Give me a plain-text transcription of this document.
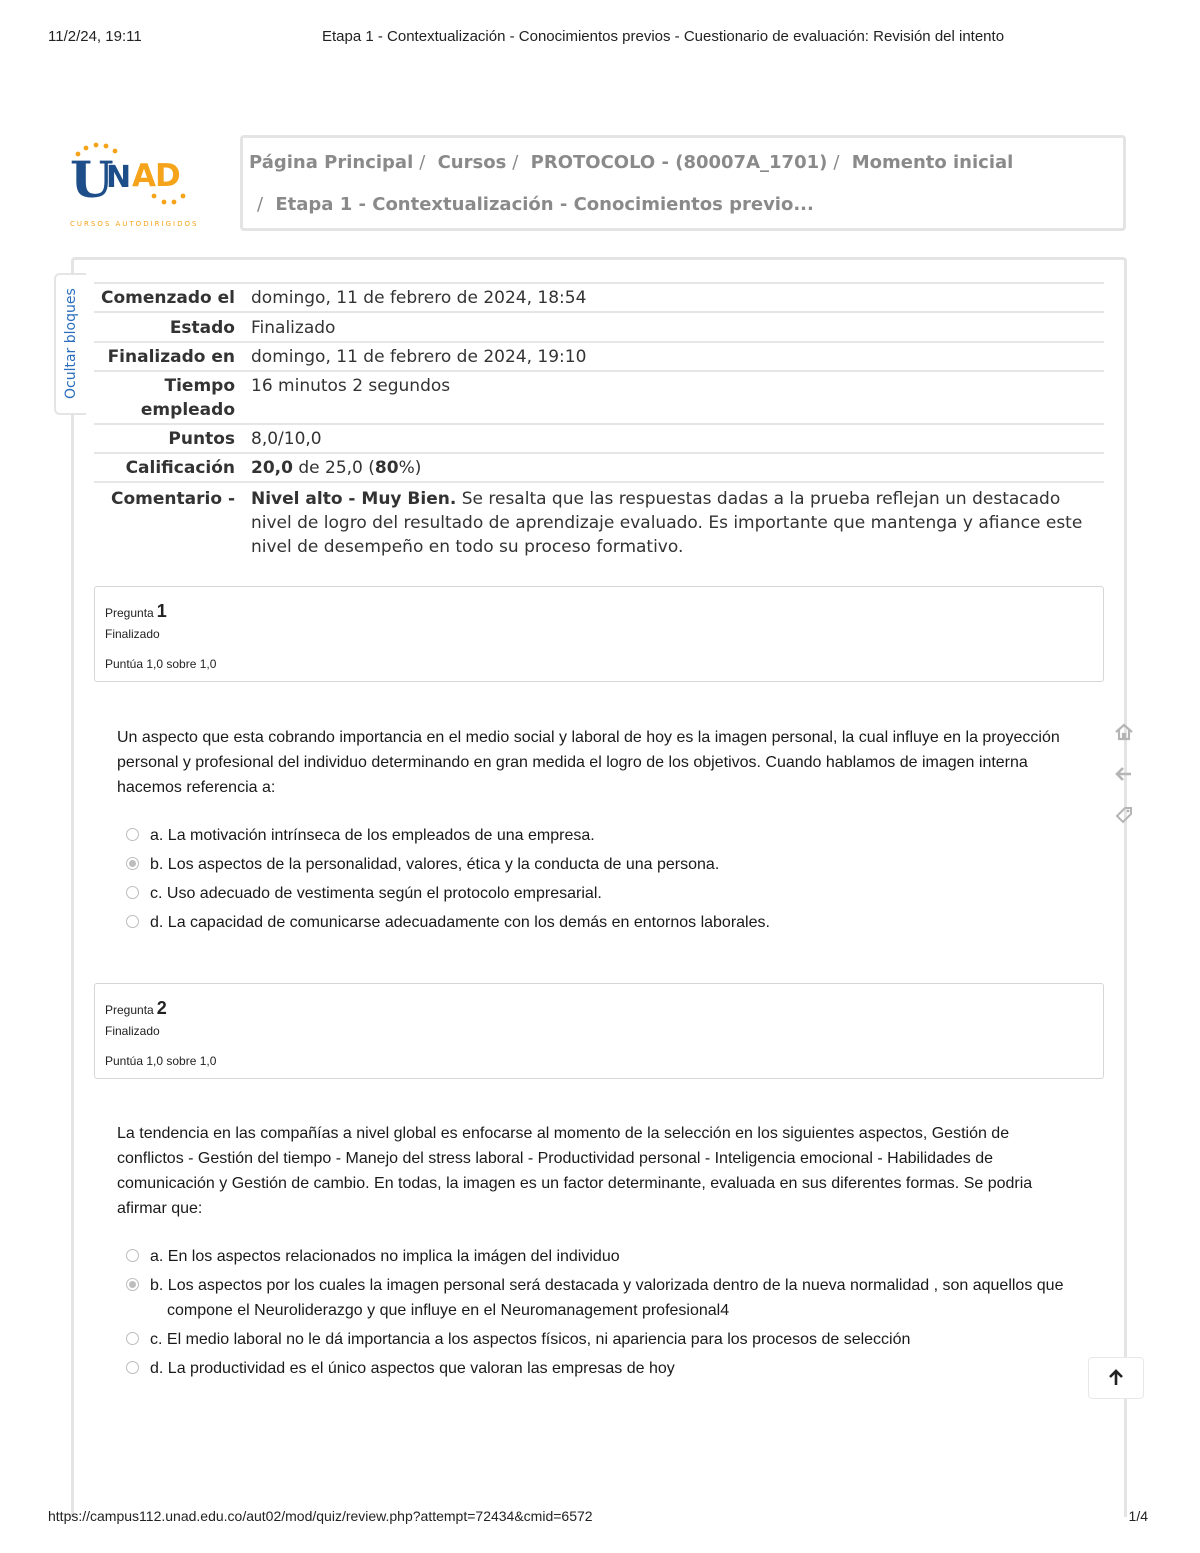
11/2/24, 19:11	Etapa 1 - Contextualización - Conocimientos previos - Cuestionario de evaluación: Revisión del intento
U
N AD
CURSOS AUTODIRIGIDOS
Página Principal / Cursos / PROTOCOLO - (80007A_1701) / Momento inicial
/ Etapa 1 - Contextualización - Conocimientos previo...
Ocultar bloques	Comenzado el domingo, 11 de febrero de 2024, 18:54
Estado Finalizado
Finalizado en domingo, 11 de febrero de 2024, 19:10
Tiempo empleado
16 minutos 2 segundos
Puntos 8,0/10,0
Calificación 20,0 de 25,0 (80%)
Comentario - Nivel alto - Muy Bien. Se resalta que las respuestas dadas a la prueba reflejan un destacado nivel de logro del resultado de aprendizaje evaluado. Es importante que mantenga y afiance este nivel de desempeño en todo su proceso formativo.
Pregunta 1
Finalizado
Puntúa 1,0 sobre 1,0
Un aspecto que esta cobrando importancia en el medio social y laboral de hoy es la imagen personal, la cual influye en la proyección personal y profesional del individuo determinando en gran medida el logro de los objetivos. Cuando hablamos de imagen interna hacemos referencia a:
a. La motivación intrínseca de los empleados de una empresa.
b. Los aspectos de la personalidad, valores, ética y la conducta de una persona.
c. Uso adecuado de vestimenta según el protocolo empresarial.
d. La capacidad de comunicarse adecuadamente con los demás en entornos laborales.
Pregunta 2
Finalizado
Puntúa 1,0 sobre 1,0
La tendencia en las compañías a nivel global es enfocarse al momento de la selección en los siguientes aspectos, Gestión de conflictos - Gestión del tiempo - Manejo del stress laboral - Productividad personal - Inteligencia emocional - Habilidades de comunicación y Gestión de cambio. En todas, la imagen es un factor determinante, evaluada en sus diferentes formas. Se podria afirmar que:
a. En los aspectos relacionados no implica la imágen del individuo
b. Los aspectos por los cuales la imagen personal será destacada y valorizada dentro de la nueva normalidad , son aquellos que compone el Neuroliderazgo y que influye en el Neuromanagement profesional4
c. El medio laboral no le dá importancia a los aspectos físicos, ni apariencia para los procesos de selección
d. La productividad es el único aspectos que valoran las empresas de hoy
https://campus112.unad.edu.co/aut02/mod/quiz/review.php?attempt=72434&cmid=6572	1/4
